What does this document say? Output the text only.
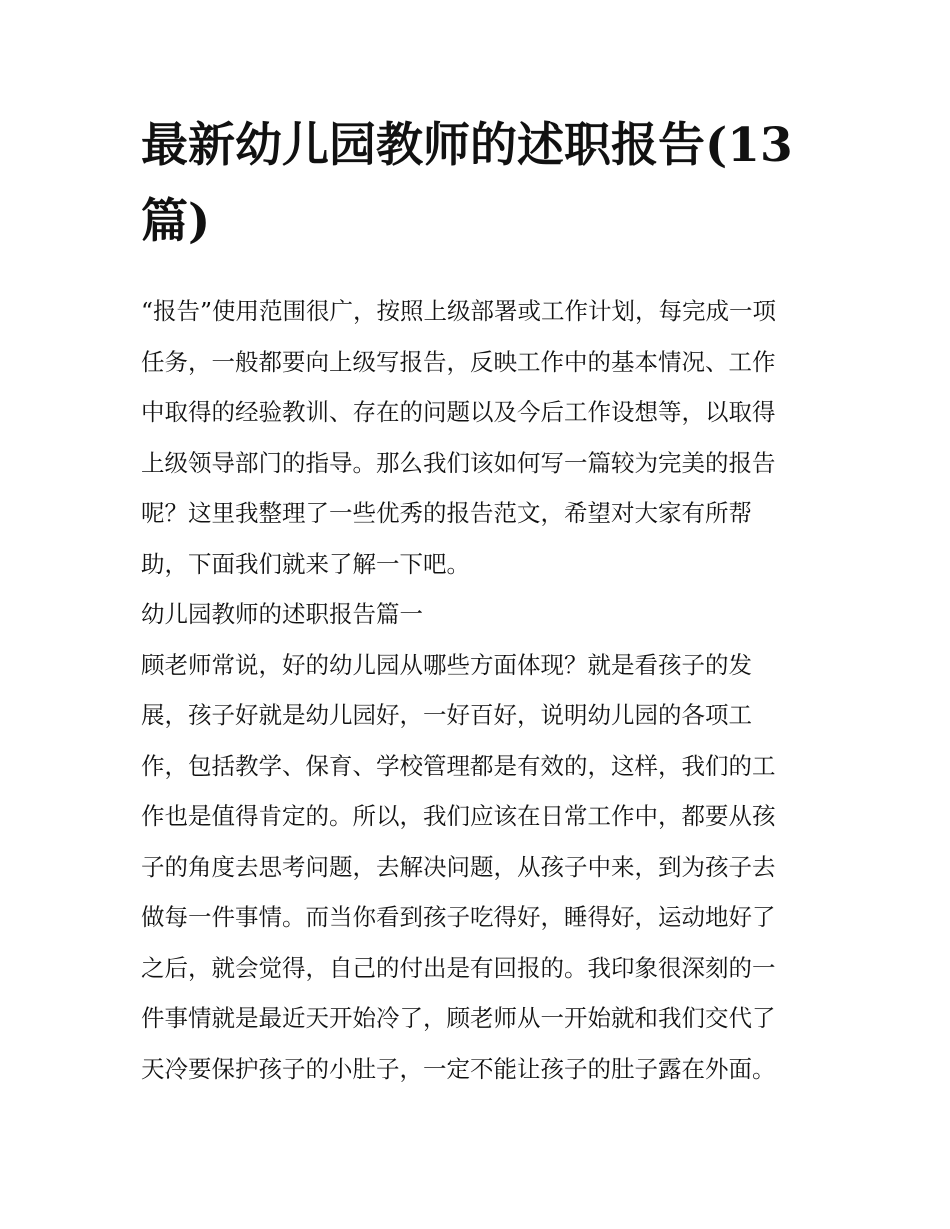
最新幼儿园教师的述职报告(13篇)

“报告”使用范围很广，按照上级部署或工作计划，每完成一项
任务，一般都要向上级写报告，反映工作中的基本情况、工作
中取得的经验教训、存在的问题以及今后工作设想等，以取得
上级领导部门的指导。那么我们该如何写一篇较为完美的报告
呢？这里我整理了一些优秀的报告范文，希望对大家有所帮
助，下面我们就来了解一下吧。

幼儿园教师的述职报告篇一

顾老师常说，好的幼儿园从哪些方面体现？就是看孩子的发
展，孩子好就是幼儿园好，一好百好，说明幼儿园的各项工
作，包括教学、保育、学校管理都是有效的，这样，我们的工
作也是值得肯定的。所以，我们应该在日常工作中，都要从孩
子的角度去思考问题，去解决问题，从孩子中来，到为孩子去
做每一件事情。而当你看到孩子吃得好，睡得好，运动地好了
之后，就会觉得，自己的付出是有回报的。我印象很深刻的一
件事情就是最近天开始冷了，顾老师从一开始就和我们交代了
天冷要保护孩子的小肚子，一定不能让孩子的肚子露在外面。
